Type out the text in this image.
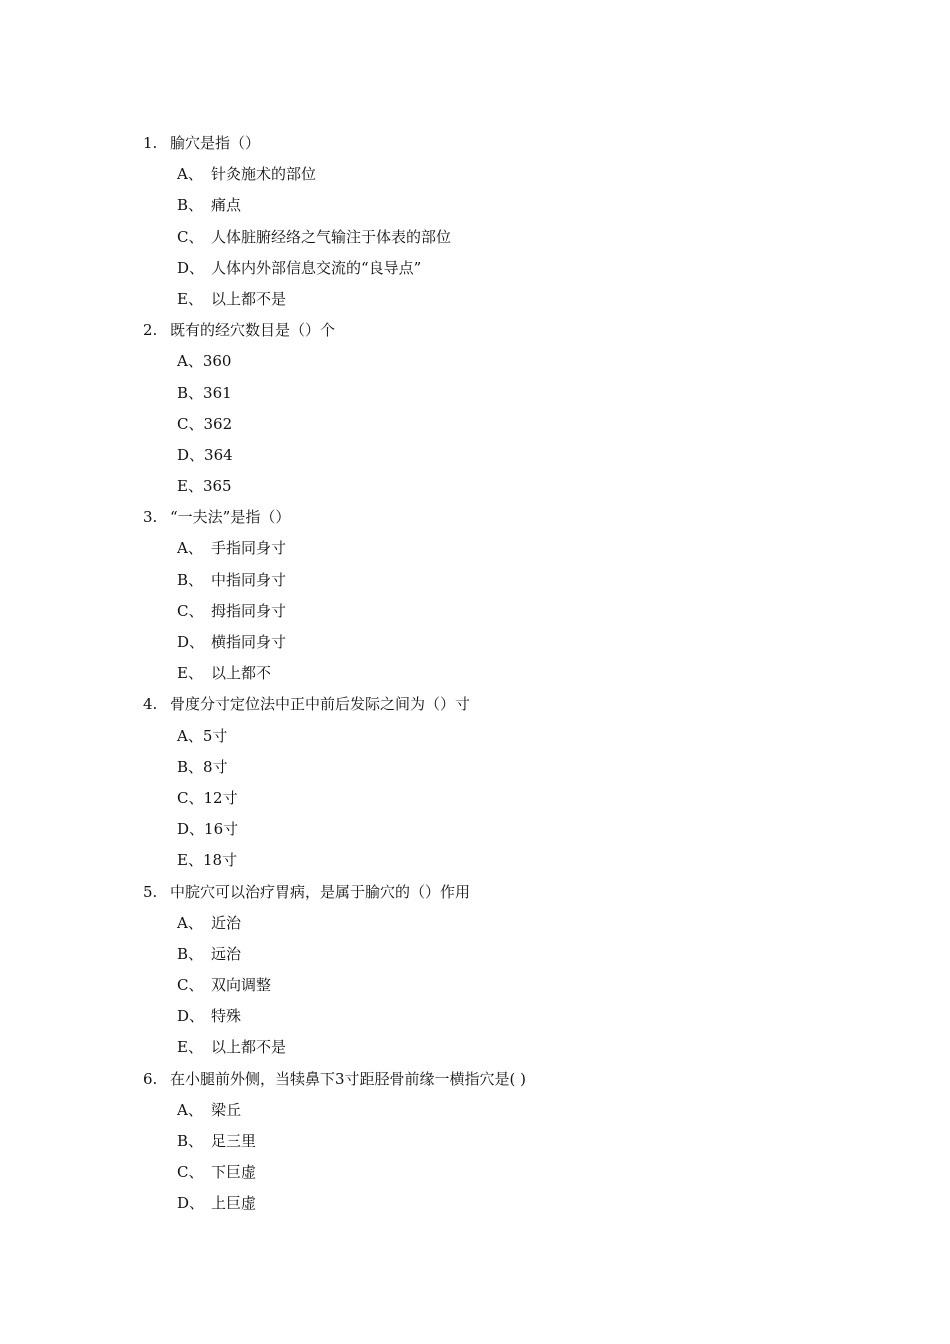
1. 腧穴是指（）
A、 针灸施术的部位
B、 痛点
C、 人体脏腑经络之气输注于体表的部位
D、 人体内外部信息交流的“良导点”
E、 以上都不是
2. 既有的经穴数目是（）个
A、360
B、361
C、362
D、364
E、365
3. “一夫法”是指（）
A、 手指同身寸
B、 中指同身寸
C、 拇指同身寸
D、 横指同身寸
E、 以上都不
4. 骨度分寸定位法中正中前后发际之间为（）寸
A、5寸
B、8寸
C、12寸
D、16寸
E、18寸
5. 中脘穴可以治疗胃病，是属于腧穴的（）作用
A、 近治
B、 远治
C、 双向调整
D、 特殊
E、 以上都不是
6. 在小腿前外侧，当犊鼻下3寸距胫骨前缘一横指穴是( )
A、 梁丘
B、 足三里
C、 下巨虚
D、 上巨虚
